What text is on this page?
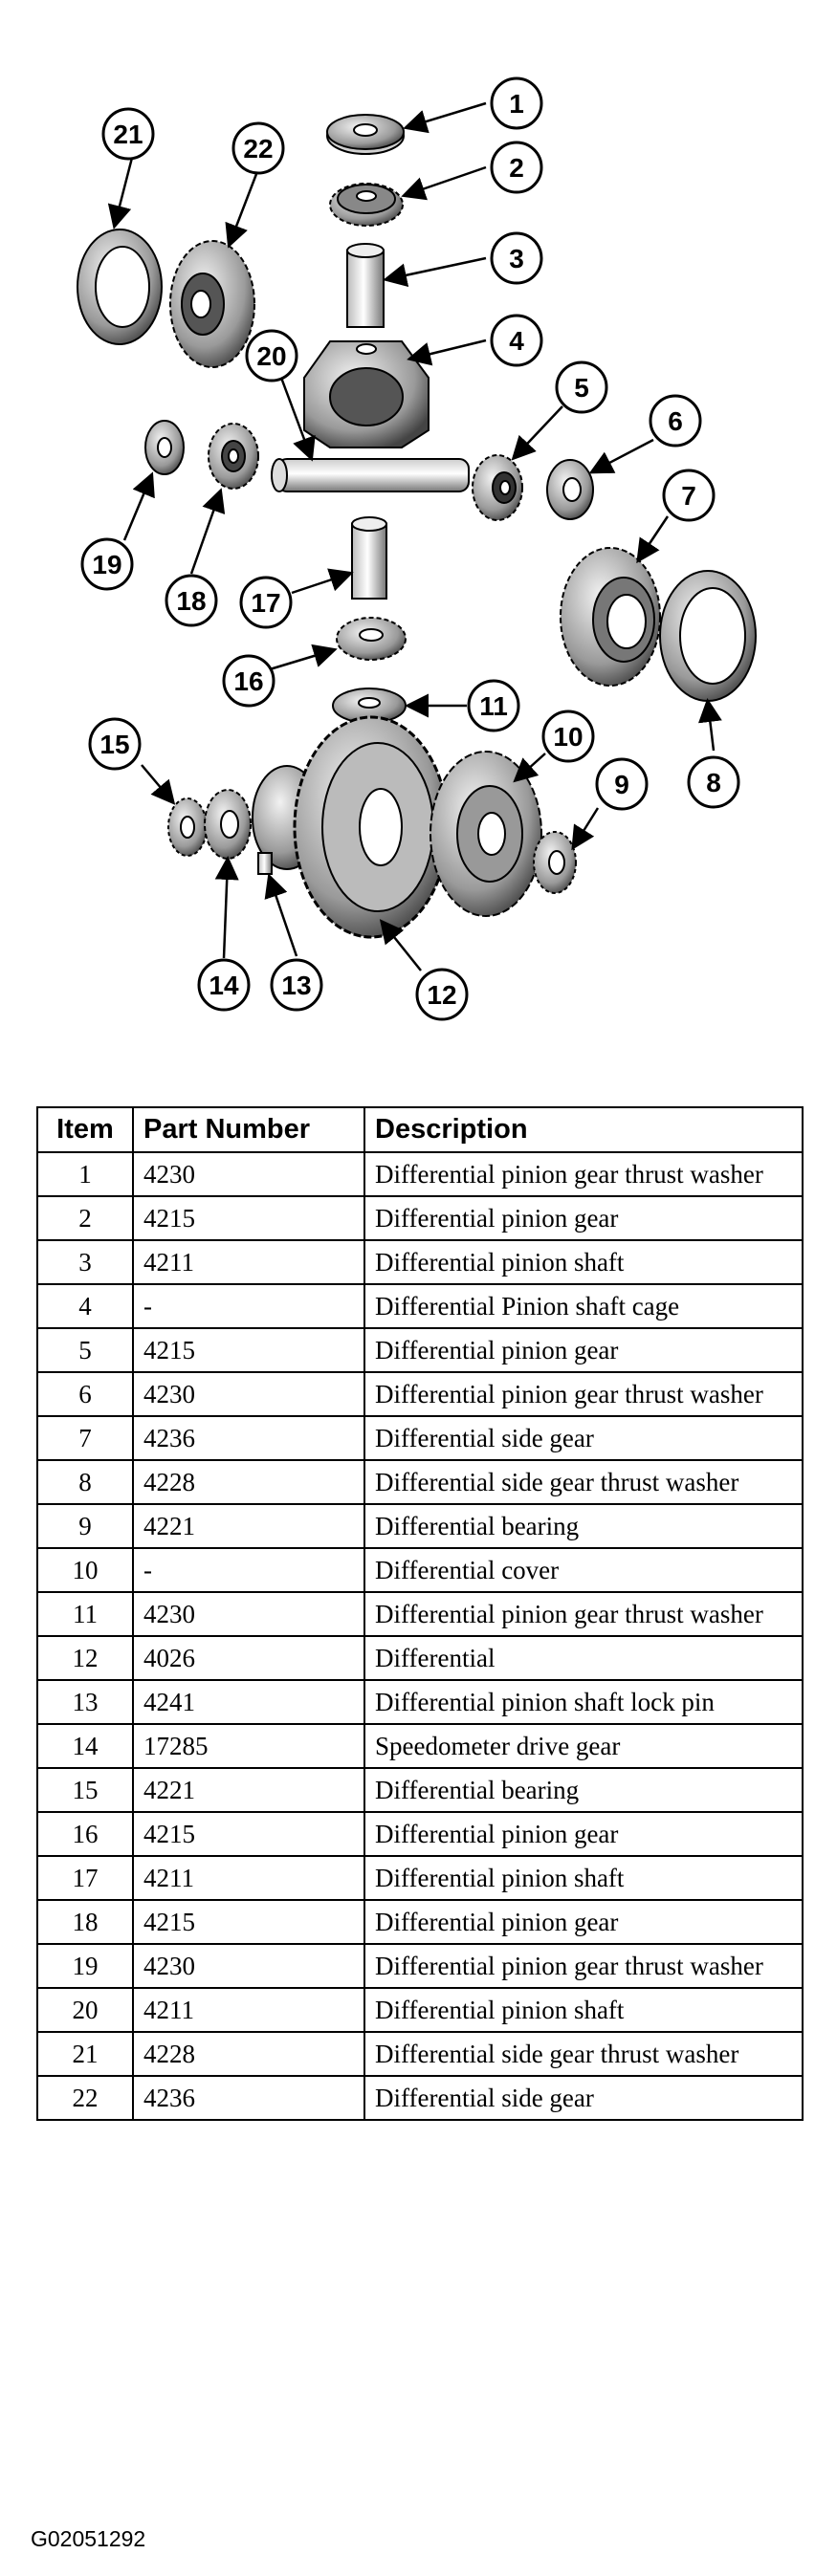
1
2
3
4
5
6
7
8
9
10
11
12
13
14
15
16
17
18
19
20
21	22
Item	Part Number	Description
1	4230	Differential pinion gear thrust washer
2	4215	Differential pinion gear
3	4211	Differential pinion shaft
4	-	Differential Pinion shaft cage
5	4215	Differential pinion gear
6	4230	Differential pinion gear thrust washer
7	4236	Differential side gear
8	4228	Differential side gear thrust washer
9	4221	Differential bearing
10	-	Differential cover
11	4230	Differential pinion gear thrust washer
12	4026	Differential
13	4241	Differential pinion shaft lock pin
14	17285	Speedometer drive gear
15	4221	Differential bearing
16	4215	Differential pinion gear
17	4211	Differential pinion shaft
18	4215	Differential pinion gear
19	4230	Differential pinion gear thrust washer
20	4211	Differential pinion shaft
21	4228	Differential side gear thrust washer
22	4236	Differential side gear
G02051292
